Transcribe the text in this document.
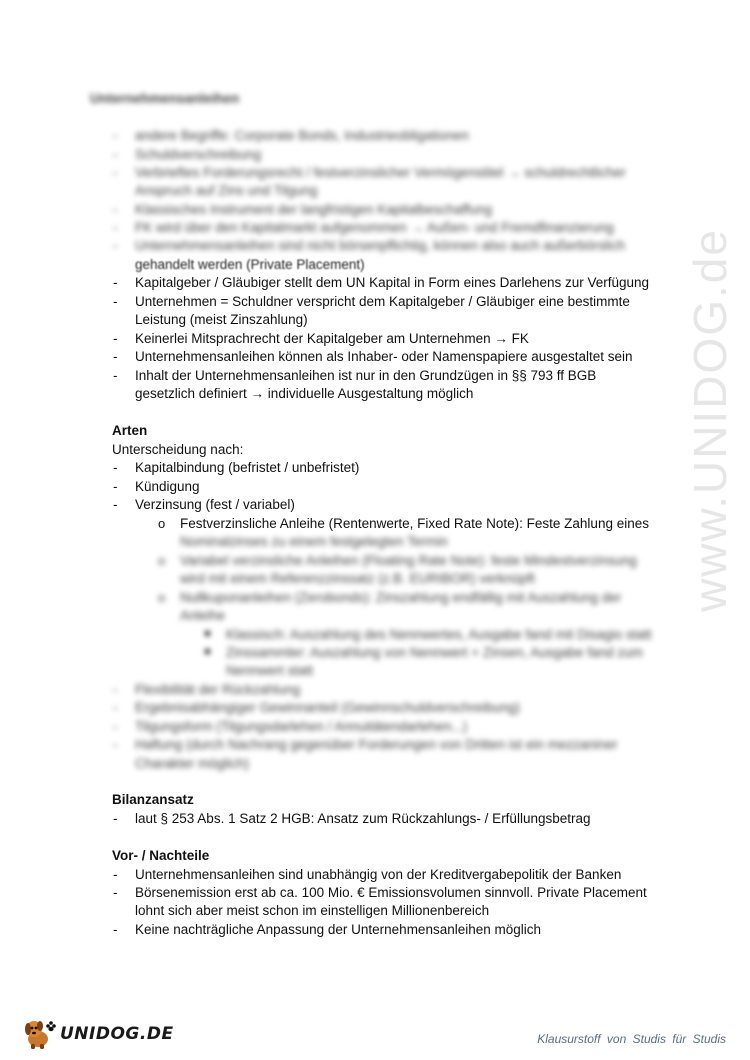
www.UNIDOG.de
Unternehmensanleihen
- andere Begriffe: Corporate Bonds, Industrieobligationen
- Schuldverschreibung
- Verbrieftes Forderungsrecht / festverzinslicher Vermögenstitel → schuldrechtlicher
Anspruch auf Zins und Tilgung
- Klassisches Instrument der langfristigen Kapitalbeschaffung
- FK wird über den Kapitalmarkt aufgenommen → Außen- und Fremdfinanzierung
- Unternehmensanleihen sind nicht börsenpflichtig, können also auch außerbörslich
gehandelt werden (Private Placement)
- Kapitalgeber / Gläubiger stellt dem UN Kapital in Form eines Darlehens zur Verfügung
- Unternehmen = Schuldner verspricht dem Kapitalgeber / Gläubiger eine bestimmte
Leistung (meist Zinszahlung)
- Keinerlei Mitsprachrecht der Kapitalgeber am Unternehmen → FK
- Unternehmensanleihen können als Inhaber- oder Namenspapiere ausgestaltet sein
- Inhalt der Unternehmensanleihen ist nur in den Grundzügen in §§ 793 ff BGB
gesetzlich definiert → individuelle Ausgestaltung möglich
Arten
Unterscheidung nach:
- Kapitalbindung (befristet / unbefristet)
- Kündigung
- Verzinsung (fest / variabel)
o Festverzinsliche Anleihe (Rentenwerte, Fixed Rate Note): Feste Zahlung eines
Nominalzinses zu einem festgelegten Termin
o Variabel verzinsliche Anleihen (Floating Rate Note): feste Mindestverzinsung
wird mit einem Referenzzinssatz (z.B. EURIBOR) verknüpft
o Nullkuponanleihen (Zerobonds): Zinszahlung endfällig mit Auszahlung der
Anleihe
Klassisch: Auszahlung des Nennwertes, Ausgabe fand mit Disagio statt
Zinssammler: Auszahlung von Nennwert + Zinsen, Ausgabe fand zum
Nennwert statt
- Flexibilität der Rückzahlung
- Ergebnisabhängiger Gewinnanteil (Gewinnschuldverschreibung)
- Tilgungsform (Tilgungsdarlehen / Annuitätendarlehen...)
- Haftung (durch Nachrang gegenüber Forderungen von Dritten ist ein mezzaniner
Charakter möglich)
Bilanzansatz
- laut § 253 Abs. 1 Satz 2 HGB: Ansatz zum Rückzahlungs- / Erfüllungsbetrag
Vor- / Nachteile
- Unternehmensanleihen sind unabhängig von der Kreditvergabepolitik der Banken
- Börsenemission erst ab ca. 100 Mio. € Emissionsvolumen sinnvoll. Private Placement
lohnt sich aber meist schon im einstelligen Millionenbereich
- Keine nachträgliche Anpassung der Unternehmensanleihen möglich
UNIDOG.DE	Klausurstoff von Studis für Studis
